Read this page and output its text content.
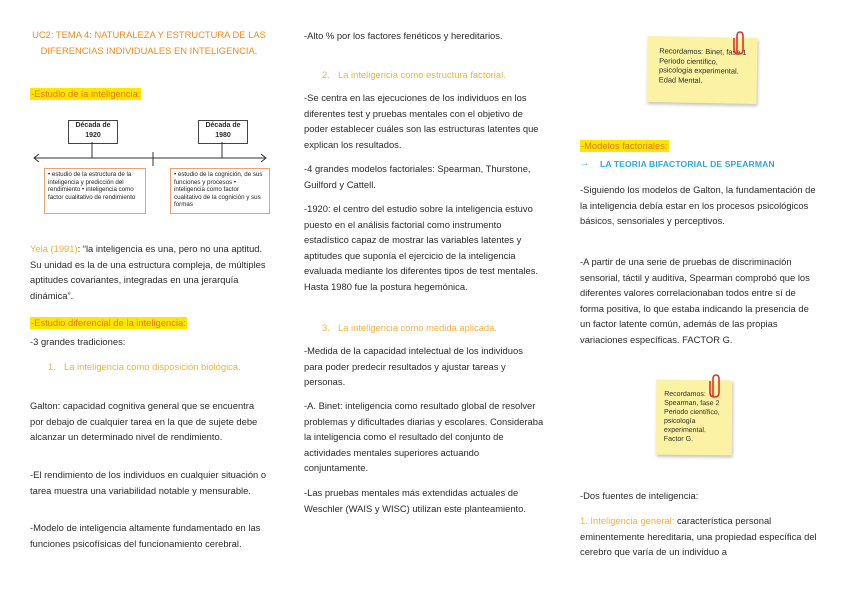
UC2: TEMA 4: NATURALEZA Y ESTRUCTURA DE LAS DIFERENCIAS INDIVIDUALES EN INTELIGENCIA.
-Estudio de la inteligencia:
Década de 1920
Década de 1980
• estudio de la estructura de la inteligencia y predicción del rendimiento • inteligencia como factor cualitativo de rendimiento
• estudio de la cognición, de sus funciones y procesos • inteligencia como factor cualitativo de la cognición y sus formas
Yela (1991): “la inteligencia es una, pero no una aptitud. Su unidad es la de una estructura compleja, de múltiples aptitudes covariantes, integradas en una jerarquía dinámica”.
-Estudio diferencial de la inteligencia:
-3 grandes tradiciones:
1. La inteligencia como disposición biológica.
Galton: capacidad cognitiva general que se encuentra por debajo de cualquier tarea en la que de sujete debe alcanzar un determinado nivel de rendimiento.
-El rendimiento de los individuos en cualquier situación o tarea muestra una variabilidad notable y mensurable.
-Modelo de inteligencia altamente fundamentado en las funciones psicofísicas del funcionamiento cerebral.
-Alto % por los factores fenéticos y hereditarios.
2. La inteligencia como estructura factorial.
-Se centra en las ejecuciones de los individuos en los diferentes test y pruebas mentales con el objetivo de poder establecer cuáles son las estructuras latentes que explican los resultados.
-4 grandes modelos factoriales: Spearman, Thurstone, Guilford y Cattell.
-1920: el centro del estudio sobre la inteligencia estuvo puesto en el análisis factorial como instrumento estadístico capaz de mostrar las variables latentes y aptitudes que suponía el ejercicio de la inteligencia evaluada mediante los diferentes tipos de test mentales. Hasta 1980 fue la postura hegemónica.
3. La inteligencia como medida aplicada.
-Medida de la capacidad intelectual de los individuos para poder predecir resultados y ajustar tareas y personas.
-A. Binet: inteligencia como resultado global de resolver problemas y dificultades diarias y escolares. Consideraba la inteligencia como el resultado del conjunto de actividades mentales superiores actuando conjuntamente.
-Las pruebas mentales más extendidas actuales de Weschler (WAIS y WISC) utilizan este planteamiento.
Recordamos: Binet, fase 1 Periodo científico, psicología experimental. Edad Mental.
-Modelos factoriales:
→ LA TEORIA BIFACTORIAL DE SPEARMAN
-Siguiendo los modelos de Galton, la fundamentación de la inteligencia debía estar en los procesos psicológicos básicos, sensoriales y perceptivos.
-A partir de una serie de pruebas de discriminación sensorial, táctil y auditiva, Spearman comprobó que los diferentes valores correlacionaban todos entre sí de forma positiva, lo que estaba indicando la presencia de un factor latente común, además de las propias variaciones específicas. FACTOR G.
Recordamos: Spearman, fase 2 Periodo científico, psicología experimental. Factor G.
-Dos fuentes de inteligencia:
1. Inteligencia general: característica personal eminentemente hereditaria, una propiedad específica del cerebro que varía de un individuo a
